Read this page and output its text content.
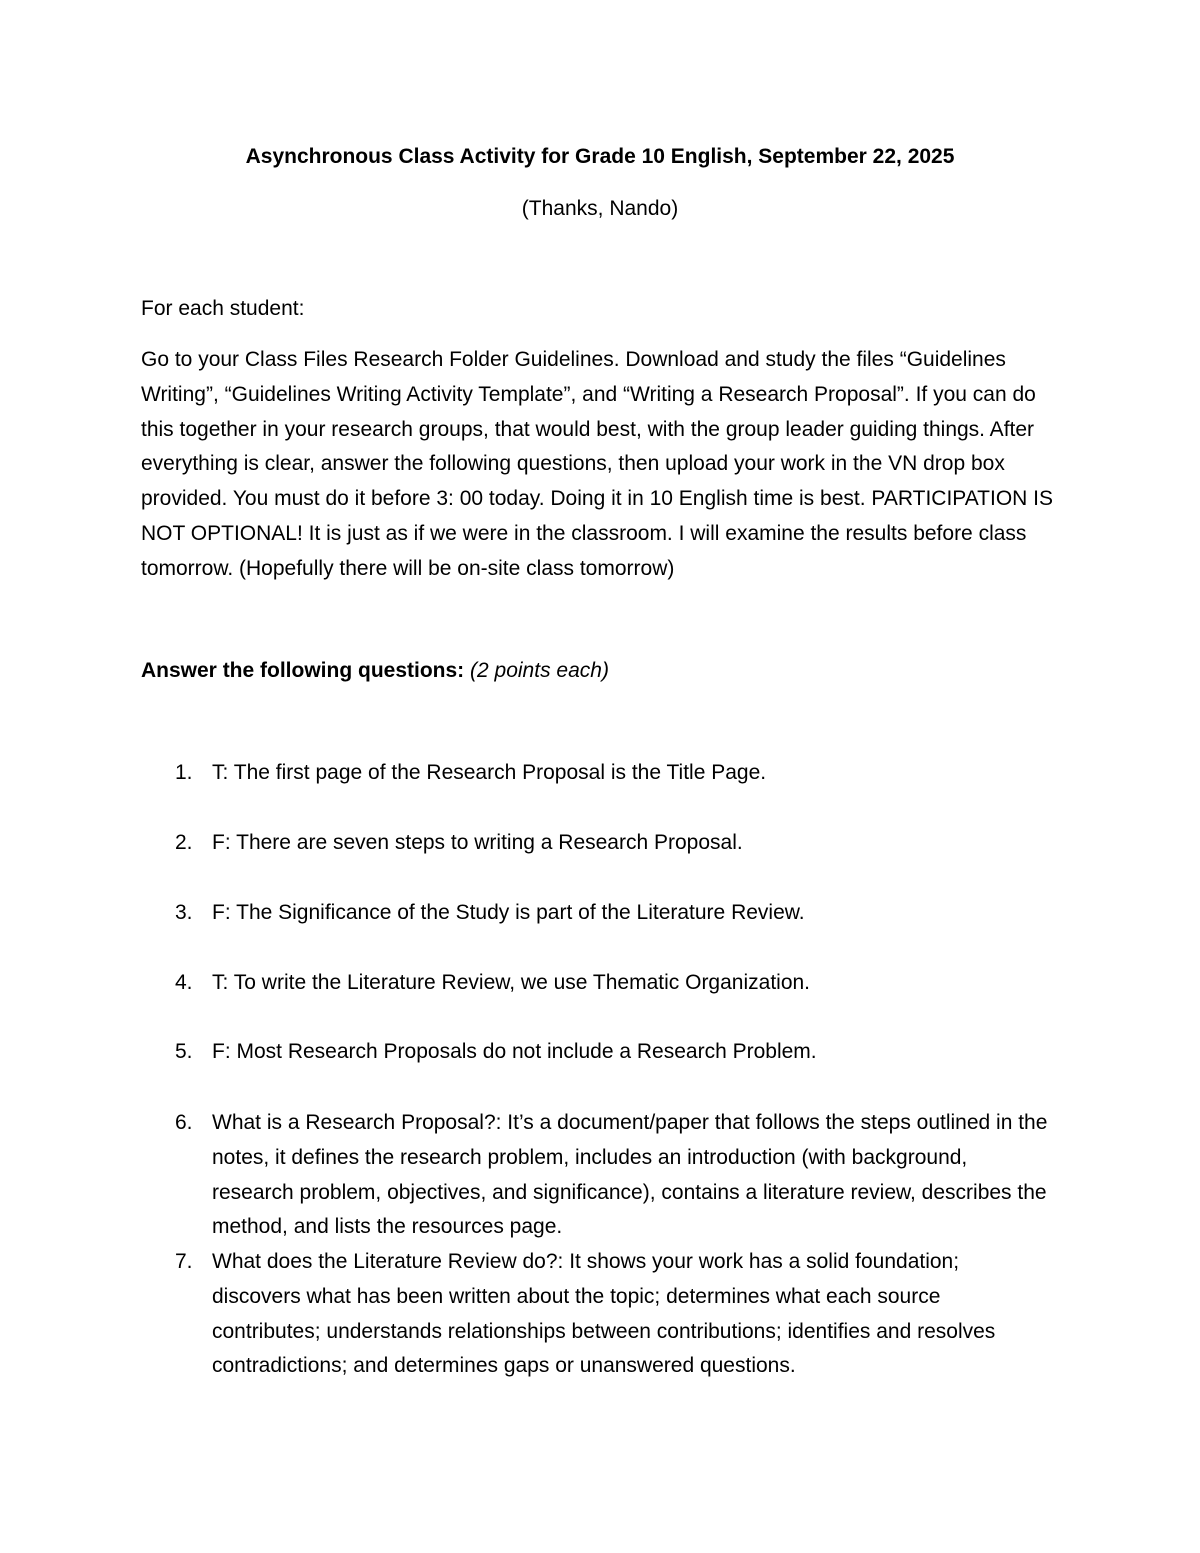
Asynchronous Class Activity for Grade 10 English, September 22, 2025

(Thanks, Nando)

For each student:

Go to your Class Files Research Folder Guidelines. Download and study the files “Guidelines Writing”, “Guidelines Writing Activity Template”, and “Writing a Research Proposal”. If you can do this together in your research groups, that would best, with the group leader guiding things. After everything is clear, answer the following questions, then upload your work in the VN drop box provided. You must do it before 3: 00 today. Doing it in 10 English time is best. PARTICIPATION IS NOT OPTIONAL! It is just as if we were in the classroom. I will examine the results before class tomorrow. (Hopefully there will be on-site class tomorrow)

Answer the following questions: (2 points each)

1. T: The first page of the Research Proposal is the Title Page.
2. F: There are seven steps to writing a Research Proposal.
3. F: The Significance of the Study is part of the Literature Review.
4. T: To write the Literature Review, we use Thematic Organization.
5. F: Most Research Proposals do not include a Research Problem.
6. What is a Research Proposal?: It’s a document/paper that follows the steps outlined in the notes, it defines the research problem, includes an introduction (with background, research problem, objectives, and significance), contains a literature review, describes the method, and lists the resources page.
7. What does the Literature Review do?: It shows your work has a solid foundation; discovers what has been written about the topic; determines what each source contributes; understands relationships between contributions; identifies and resolves contradictions; and determines gaps or unanswered questions.
